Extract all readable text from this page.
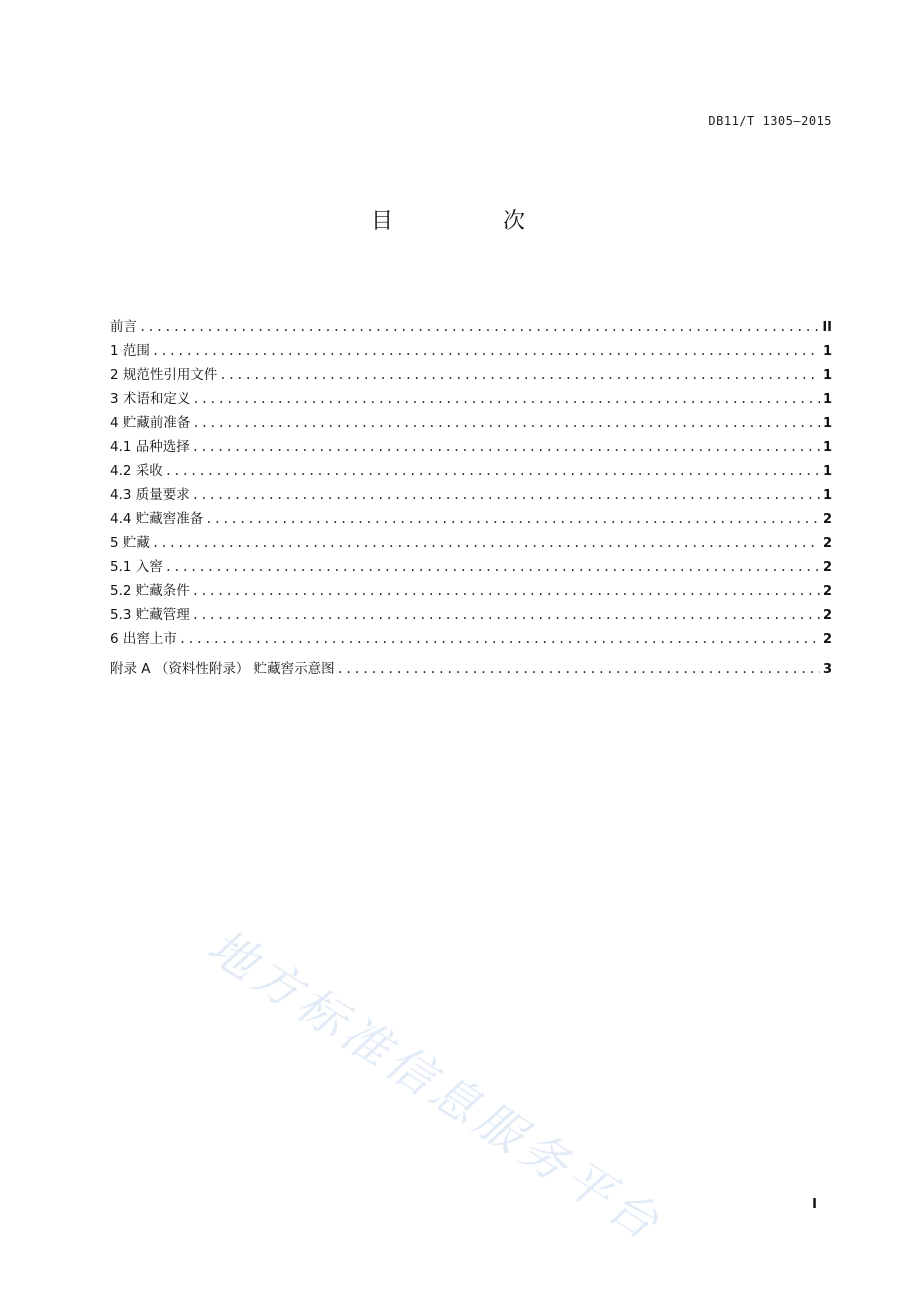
DB11/T 1305—2015
目　次
前言 .....	II
1 范围 .....	1
2 规范性引用文件 .....	1
3 术语和定义 .....	1
4 贮藏前准备 .....	1
4.1 品种选择 .....	1
4.2 采收 .....	1
4.3 质量要求 .....	1
4.4 贮藏窖准备 .....	2
5 贮藏 .....	2
5.1 入窖 .....	2
5.2 贮藏条件 .....	2
5.3 贮藏管理 .....	2
6 出窖上市 .....	2
附录 A （资料性附录） 贮藏窖示意图 .....	3
地方标准信息服务平台	I
